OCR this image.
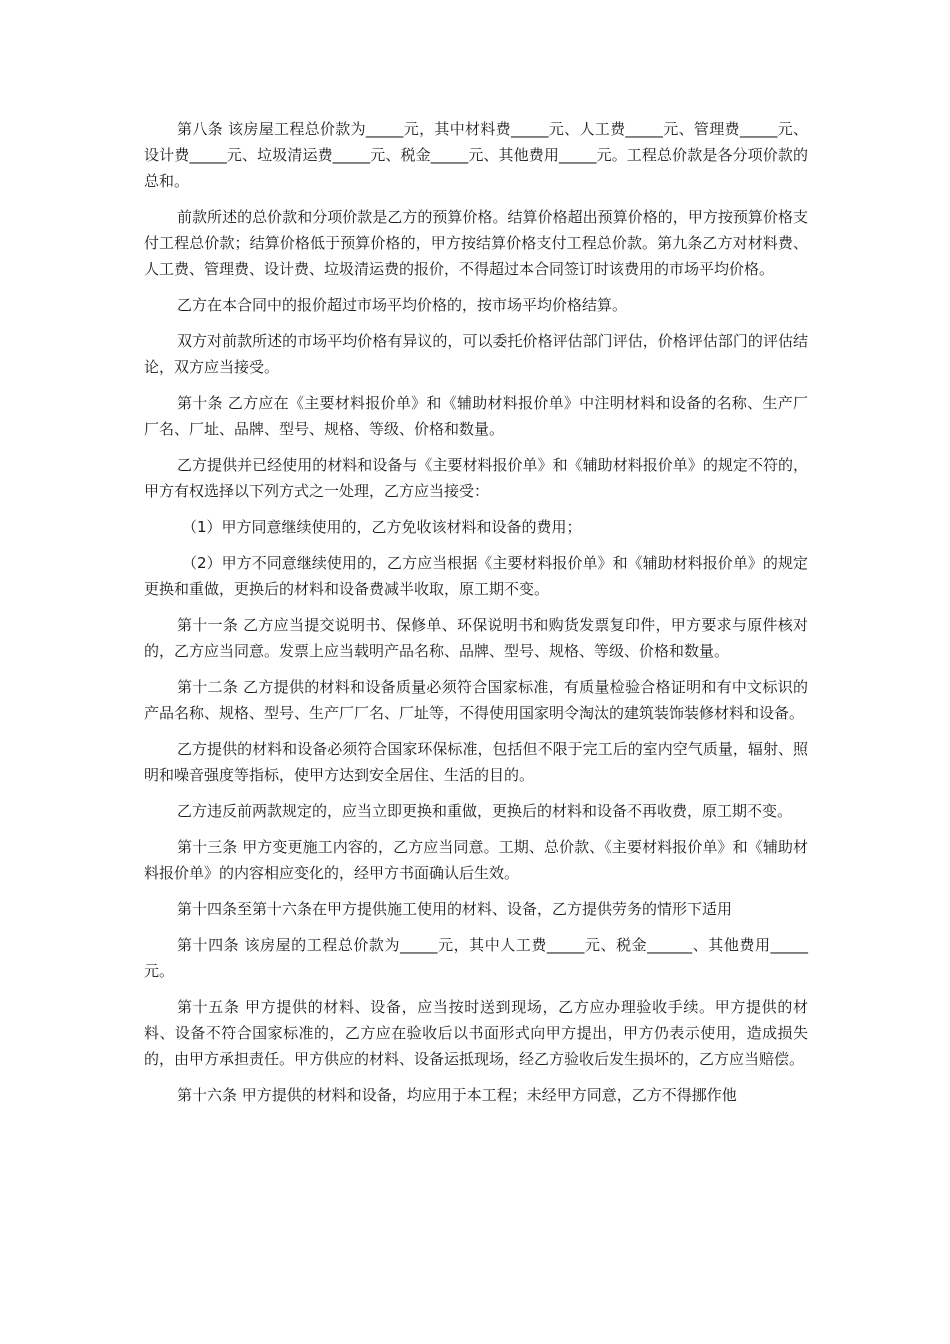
第八条 该房屋工程总价款为_____元，其中材料费_____元、人工费_____元、管理费_____元、设计费_____元、垃圾清运费_____元、税金_____元、其他费用_____元。工程总价款是各分项价款的总和。

前款所述的总价款和分项价款是乙方的预算价格。结算价格超出预算价格的，甲方按预算价格支付工程总价款；结算价格低于预算价格的，甲方按结算价格支付工程总价款。第九条乙方对材料费、人工费、管理费、设计费、垃圾清运费的报价，不得超过本合同签订时该费用的市场平均价格。

乙方在本合同中的报价超过市场平均价格的，按市场平均价格结算。

双方对前款所述的市场平均价格有异议的，可以委托价格评估部门评估，价格评估部门的评估结论，双方应当接受。

第十条 乙方应在《主要材料报价单》和《辅助材料报价单》中注明材料和设备的名称、生产厂厂名、厂址、品牌、型号、规格、等级、价格和数量。

乙方提供并已经使用的材料和设备与《主要材料报价单》和《辅助材料报价单》的规定不符的，甲方有权选择以下列方式之一处理，乙方应当接受：

（1）甲方同意继续使用的，乙方免收该材料和设备的费用；

（2）甲方不同意继续使用的，乙方应当根据《主要材料报价单》和《辅助材料报价单》的规定更换和重做，更换后的材料和设备费减半收取，原工期不变。

第十一条 乙方应当提交说明书、保修单、环保说明书和购货发票复印件，甲方要求与原件核对的，乙方应当同意。发票上应当载明产品名称、品牌、型号、规格、等级、价格和数量。

第十二条 乙方提供的材料和设备质量必须符合国家标准，有质量检验合格证明和有中文标识的产品名称、规格、型号、生产厂厂名、厂址等，不得使用国家明令淘汰的建筑装饰装修材料和设备。

乙方提供的材料和设备必须符合国家环保标准，包括但不限于完工后的室内空气质量，辐射、照明和噪音强度等指标，使甲方达到安全居住、生活的目的。

乙方违反前两款规定的，应当立即更换和重做，更换后的材料和设备不再收费，原工期不变。

第十三条 甲方变更施工内容的，乙方应当同意。工期、总价款、《主要材料报价单》和《辅助材料报价单》的内容相应变化的，经甲方书面确认后生效。

第十四条至第十六条在甲方提供施工使用的材料、设备，乙方提供劳务的情形下适用

第十四条 该房屋的工程总价款为_____元，其中人工费_____元、税金______、其他费用_____元。

第十五条 甲方提供的材料、设备，应当按时送到现场，乙方应办理验收手续。甲方提供的材料、设备不符合国家标准的，乙方应在验收后以书面形式向甲方提出，甲方仍表示使用，造成损失的，由甲方承担责任。甲方供应的材料、设备运抵现场，经乙方验收后发生损坏的，乙方应当赔偿。

第十六条 甲方提供的材料和设备，均应用于本工程；未经甲方同意，乙方不得挪作他
